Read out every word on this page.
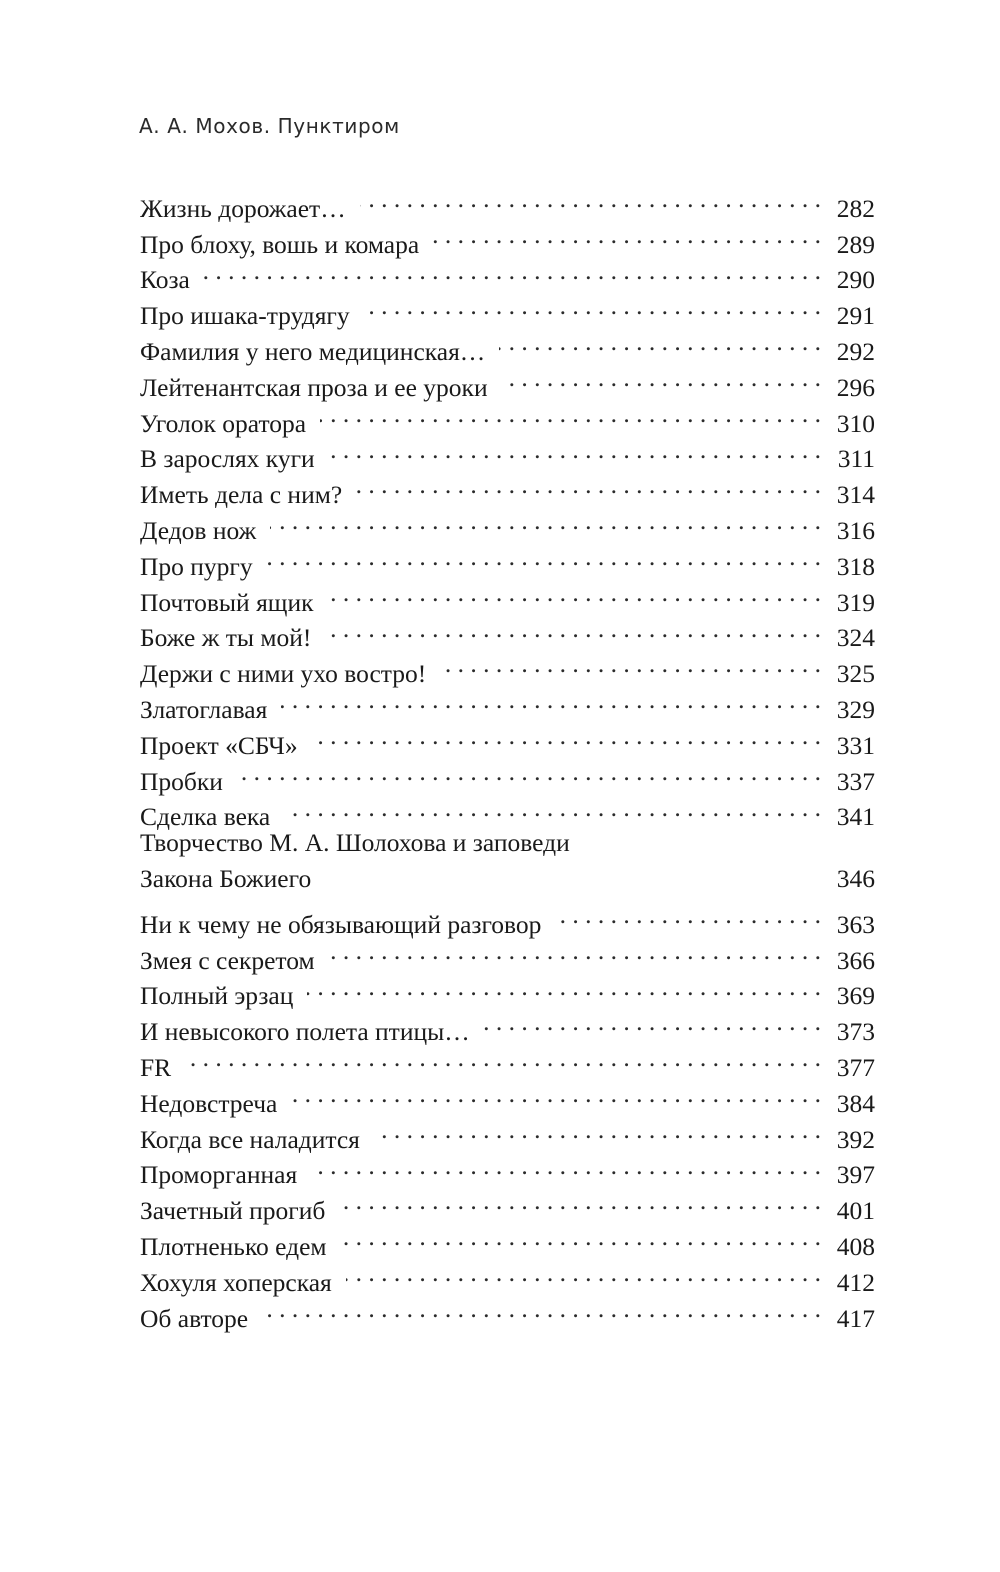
А. А. Мохов. Пунктиром
Жизнь дорожает… . . .	282
Про блоху, вошь и комара . . .	289
Коза . . .	290
Про ишака-трудягу . . .	291
Фамилия у него медицинская… . . .	292
Лейтенантская проза и ее уроки . . .	296
Уголок оратора . . .	310
В зарослях куги . . .	311
Иметь дела с ним? . . .	314
Дедов нож . . .	316
Про пургу . . .	318
Почтовый ящик . . .	319
Боже ж ты мой! . . .	324
Держи с ними ухо востро! . . .	325
Златоглавая . . .	329
Проект «СБЧ» . . .	331
Пробки . . .	337
Сделка века . . .	341
Творчество М. А. Шолохова и заповеди
Закона Божиего	346
Ни к чему не обязывающий разговор . . .	363
Змея с секретом . . .	366
Полный эрзац . . .	369
И невысокого полета птицы… . . .	373
FR . . .	377
Недовстреча . . .	384
Когда все наладится . . .	392
Проморганная . . .	397
Зачетный прогиб . . .	401
Плотненько едем . . .	408
Хохуля хоперская . . .	412
Об авторе . . .	417
